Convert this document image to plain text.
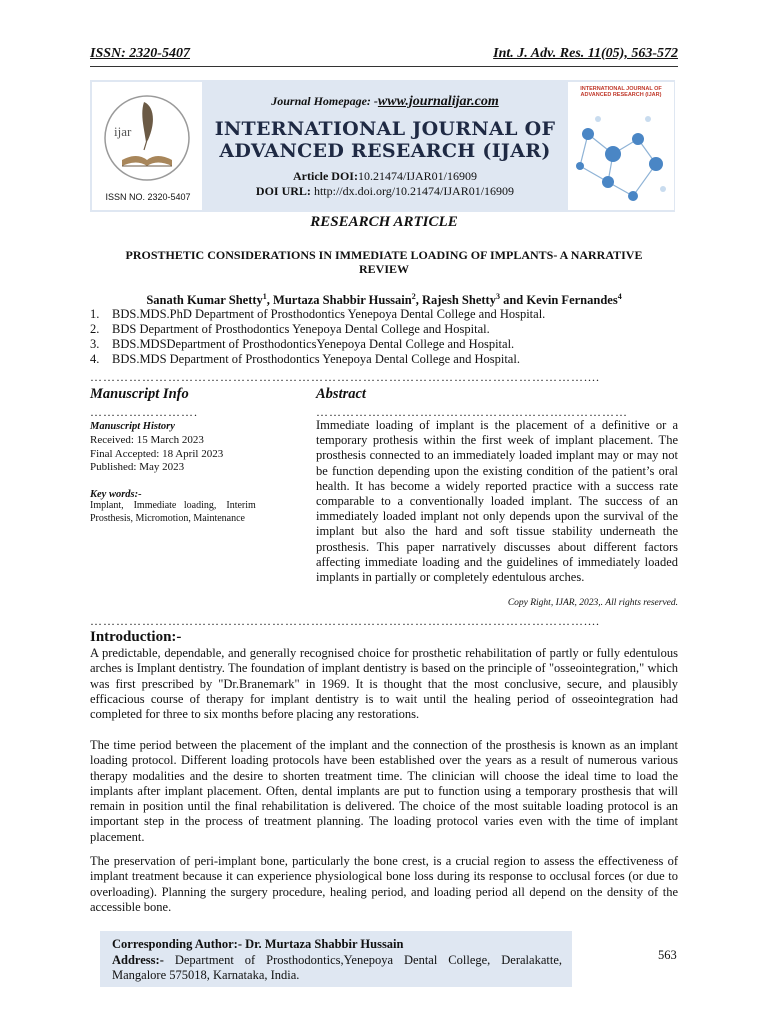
ISSN: 2320-5407	Int. J. Adv. Res. 11(05), 563-572
ijar
ISSN NO. 2320-5407
Journal Homepage: -www.journalijar.com
INTERNATIONAL JOURNAL OF
ADVANCED RESEARCH (IJAR)
Article DOI:10.21474/IJAR01/16909
DOI URL: http://dx.doi.org/10.21474/IJAR01/16909
INTERNATIONAL JOURNAL OF ADVANCED RESEARCH (IJAR)
RESEARCH ARTICLE
PROSTHETIC CONSIDERATIONS IN IMMEDIATE LOADING OF IMPLANTS- A NARRATIVE
REVIEW
Sanath Kumar Shetty$^1$, Murtaza Shabbir Hussain$^2$, Rajesh Shetty$^3$ and Kevin Fernandes$^4$
1.	BDS.MDS.PhD Department of Prosthodontics Yenepoya Dental College and Hospital.
2.	BDS Department of Prosthodontics Yenepoya Dental College and Hospital.
3.	BDS.MDSDepartment of ProsthodonticsYenepoya Dental College and Hospital.
4.	BDS.MDS Department of Prosthodontics Yenepoya Dental College and Hospital.
……………………………………………………………………………………………………....
Manuscript Info
…………………….
Manuscript History
Received: 15 March 2023
Final Accepted: 18 April 2023
Published: May 2023
Key words:-
Implant,    Immediate   loading,    Interim
Prosthesis, Micromotion, Maintenance
Abstract
………………………………………………………………
Immediate loading of implant is the placement of a definitive or a temporary prothesis within the first week of implant placement. The prosthesis connected to an immediately loaded implant may or may not be function depending upon the existing condition of the patient’s oral health. It has become a widely reported practice with a success rate comparable to a conventionally loaded implant. The success of an immediately loaded implant not only depends upon the survival of the implant but also the hard and soft tissue stability underneath the prosthesis. This paper narratively discusses about different factors affecting immediate loading and the guidelines of immediately loaded implants in partially or completely edentulous arches.
Copy Right, IJAR, 2023,. All rights reserved.
……………………………………………………………………………………………………....
Introduction:-
A predictable, dependable, and generally recognised choice for prosthetic rehabilitation of partly or fully edentulous arches is Implant dentistry. The foundation of implant dentistry is based on the principle of "osseointegration," which was first prescribed by "Dr.Branemark" in 1969. It is thought that the most conclusive, secure, and plausibly efficacious course of therapy for implant dentistry is to wait until the healing period of osseointegration had completed for three to six months before placing any restorations.
The time period between the placement of the implant and the connection of the prosthesis is known as an implant loading protocol. Different loading protocols have been established over the years as a result of numerous various therapy modalities and the desire to shorten treatment time. The clinician will choose the ideal time to load the implants after implant placement. Often, dental implants are put to function using a temporary prosthesis that will remain in position until the final rehabilitation is delivered. The choice of the most suitable loading protocol is an important step in the process of treatment planning. The loading protocol varies even with the time of implant placement.
The preservation of peri-implant bone, particularly the bone crest, is a crucial region to assess the effectiveness of implant treatment because it can experience physiological bone loss during its response to occlusal forces (or due to overloading). Planning the surgery procedure, healing period, and loading period all depend on the density of the accessible bone.
Corresponding Author:- Dr. Murtaza Shabbir Hussain
Address:- Department of Prosthodontics,Yenepoya Dental College, Deralakatte, Mangalore 575018, Karnataka, India.
563
